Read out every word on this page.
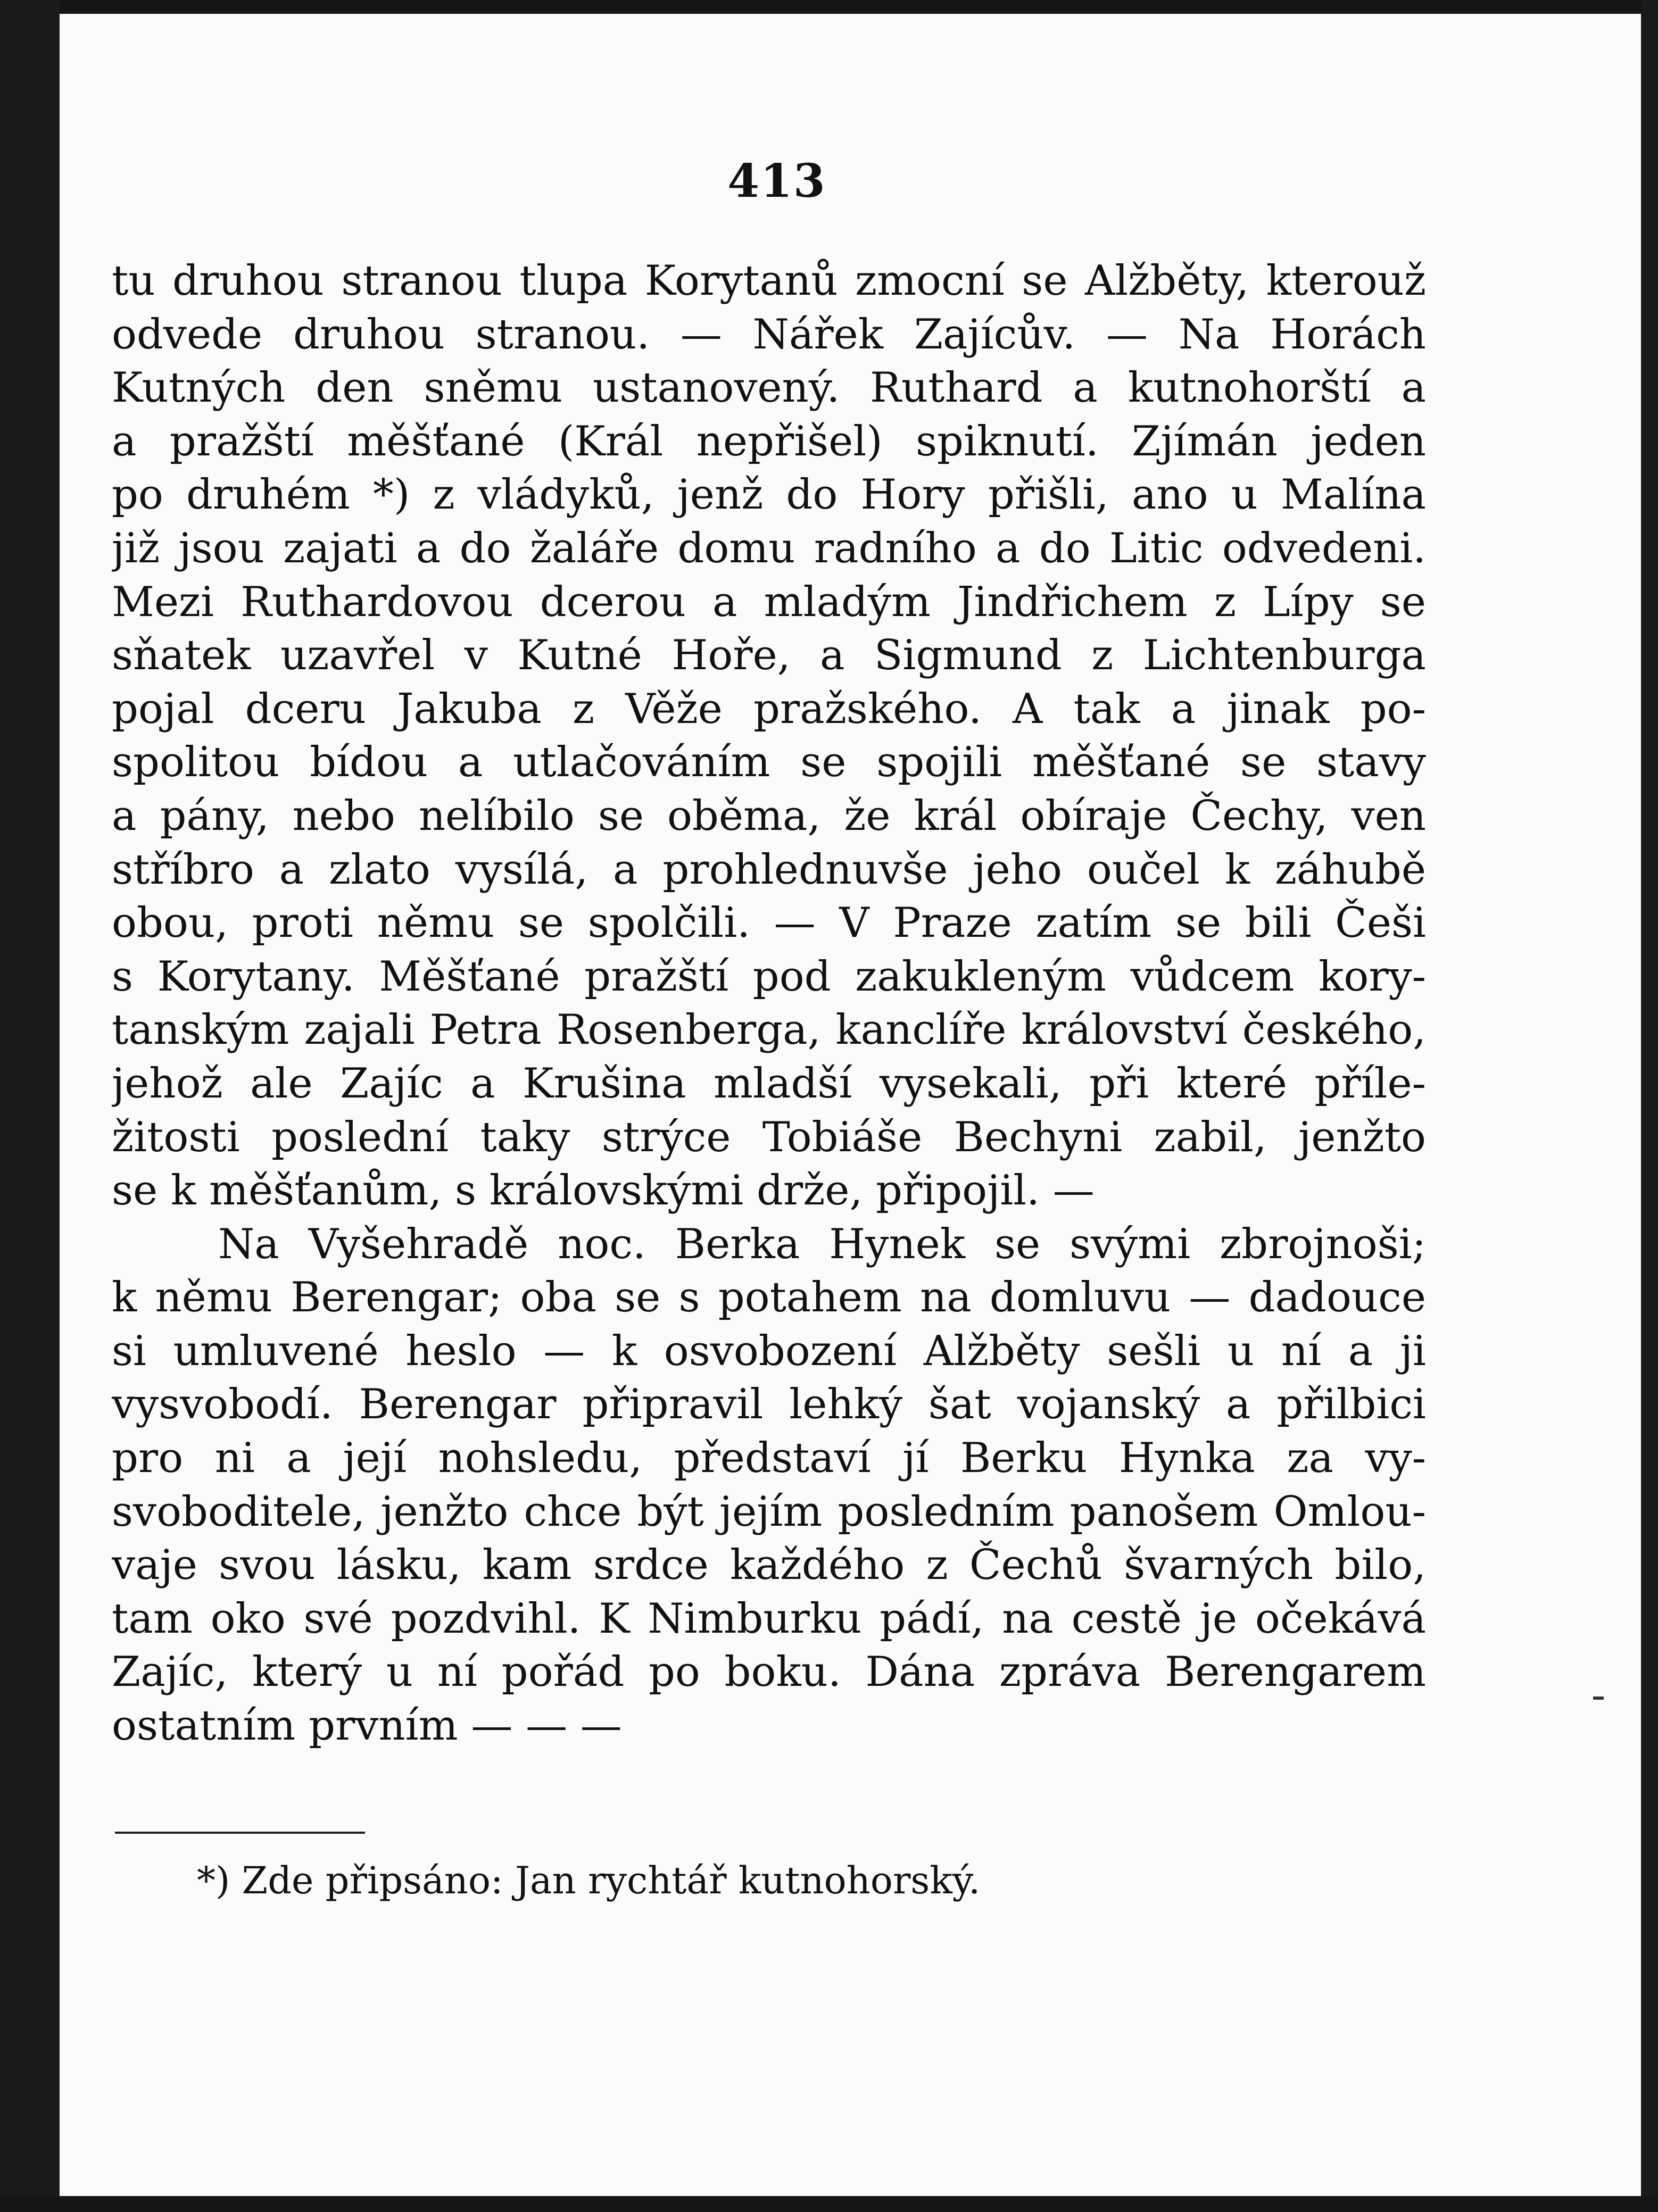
413
tu druhou stranou tlupa Korytanů zmocní se Alžběty, kterouž
odvede druhou stranou. — Nářek Zajícův. — Na Horách
Kutných den sněmu ustanovený. Ruthard a kutnohorští a
a pražští měšťané (Král nepřišel) spiknutí. Zjímán jeden
po druhém *) z vládyků, jenž do Hory přišli, ano u Malína
již jsou zajati a do žaláře domu radního a do Litic odvedeni.
Mezi Ruthardovou dcerou a mladým Jindřichem z Lípy se
sňatek uzavřel v Kutné Hoře, a Sigmund z Lichtenburga
pojal dceru Jakuba z Věže pražského. A tak a jinak po-
spolitou bídou a utlačováním se spojili měšťané se stavy
a pány, nebo nelíbilo se oběma, že král obíraje Čechy, ven
stříbro a zlato vysílá, a prohlednuvše jeho oučel k záhubě
obou, proti němu se spolčili. — V Praze zatím se bili Češi
s Korytany. Měšťané pražští pod zakukleným vůdcem kory-
tanským zajali Petra Rosenberga, kanclíře království českého,
jehož ale Zajíc a Krušina mladší vysekali, při které příle-
žitosti poslední taky strýce Tobiáše Bechyni zabil, jenžto
se k měšťanům, s královskými drže, připojil. —
Na Vyšehradě noc. Berka Hynek se svými zbrojnoši;
k němu Berengar; oba se s potahem na domluvu — dadouce
si umluvené heslo — k osvobození Alžběty sešli u ní a ji
vysvobodí. Berengar připravil lehký šat vojanský a přilbici
pro ni a její nohsledu, představí jí Berku Hynka za vy-
svoboditele, jenžto chce být jejím posledním panošem Omlou-
vaje svou lásku, kam srdce každého z Čechů švarných bilo,
tam oko své pozdvihl. K Nimburku pádí, na cestě je očekává
Zajíc, který u ní pořád po boku. Dána zpráva Berengarem
ostatním prvním — — —
*) Zde připsáno: Jan rychtář kutnohorský.
